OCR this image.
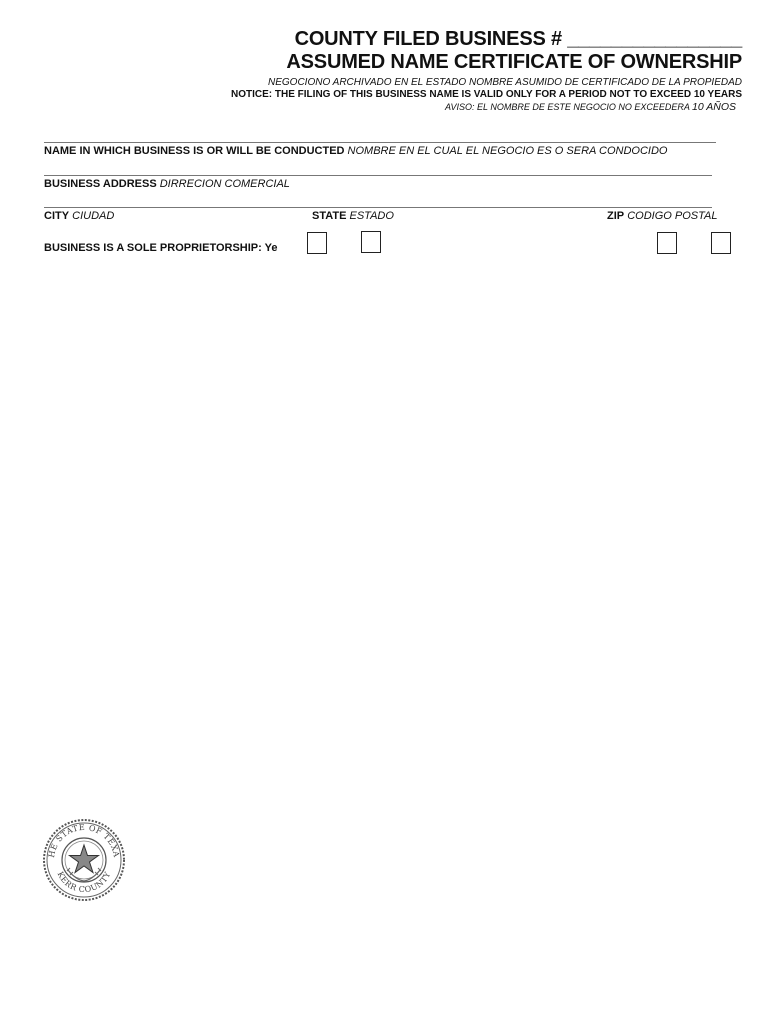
COUNTY FILED BUSINESS # ________________
ASSUMED NAME CERTIFICATE OF OWNERSHIP
NEGOCIONO ARCHIVADO EN EL ESTADO NOMBRE ASUMIDO DE CERTIFICADO DE LA PROPIEDAD
NOTICE: THE FILING OF THIS BUSINESS NAME IS VALID ONLY FOR A PERIOD NOT TO EXCEED 10 YEARS
AVISO: EL NOMBRE DE ESTE NEGOCIO NO EXCEEDERA 10 AÑOS
NAME IN WHICH BUSINESS IS OR WILL BE CONDUCTED NOMBRE EN EL CUAL EL NEGOCIO ES O SERA CONDOCIDO
BUSINESS ADDRESS DIRRECION COMERCIAL
CITY CIUDAD	STATE ESTADO	ZIP CODIGO POSTAL
BUSINESS IS A SOLE PROPRIETORSHIP: Ye
HE STATE OF TEXA
KERR COUNTY
